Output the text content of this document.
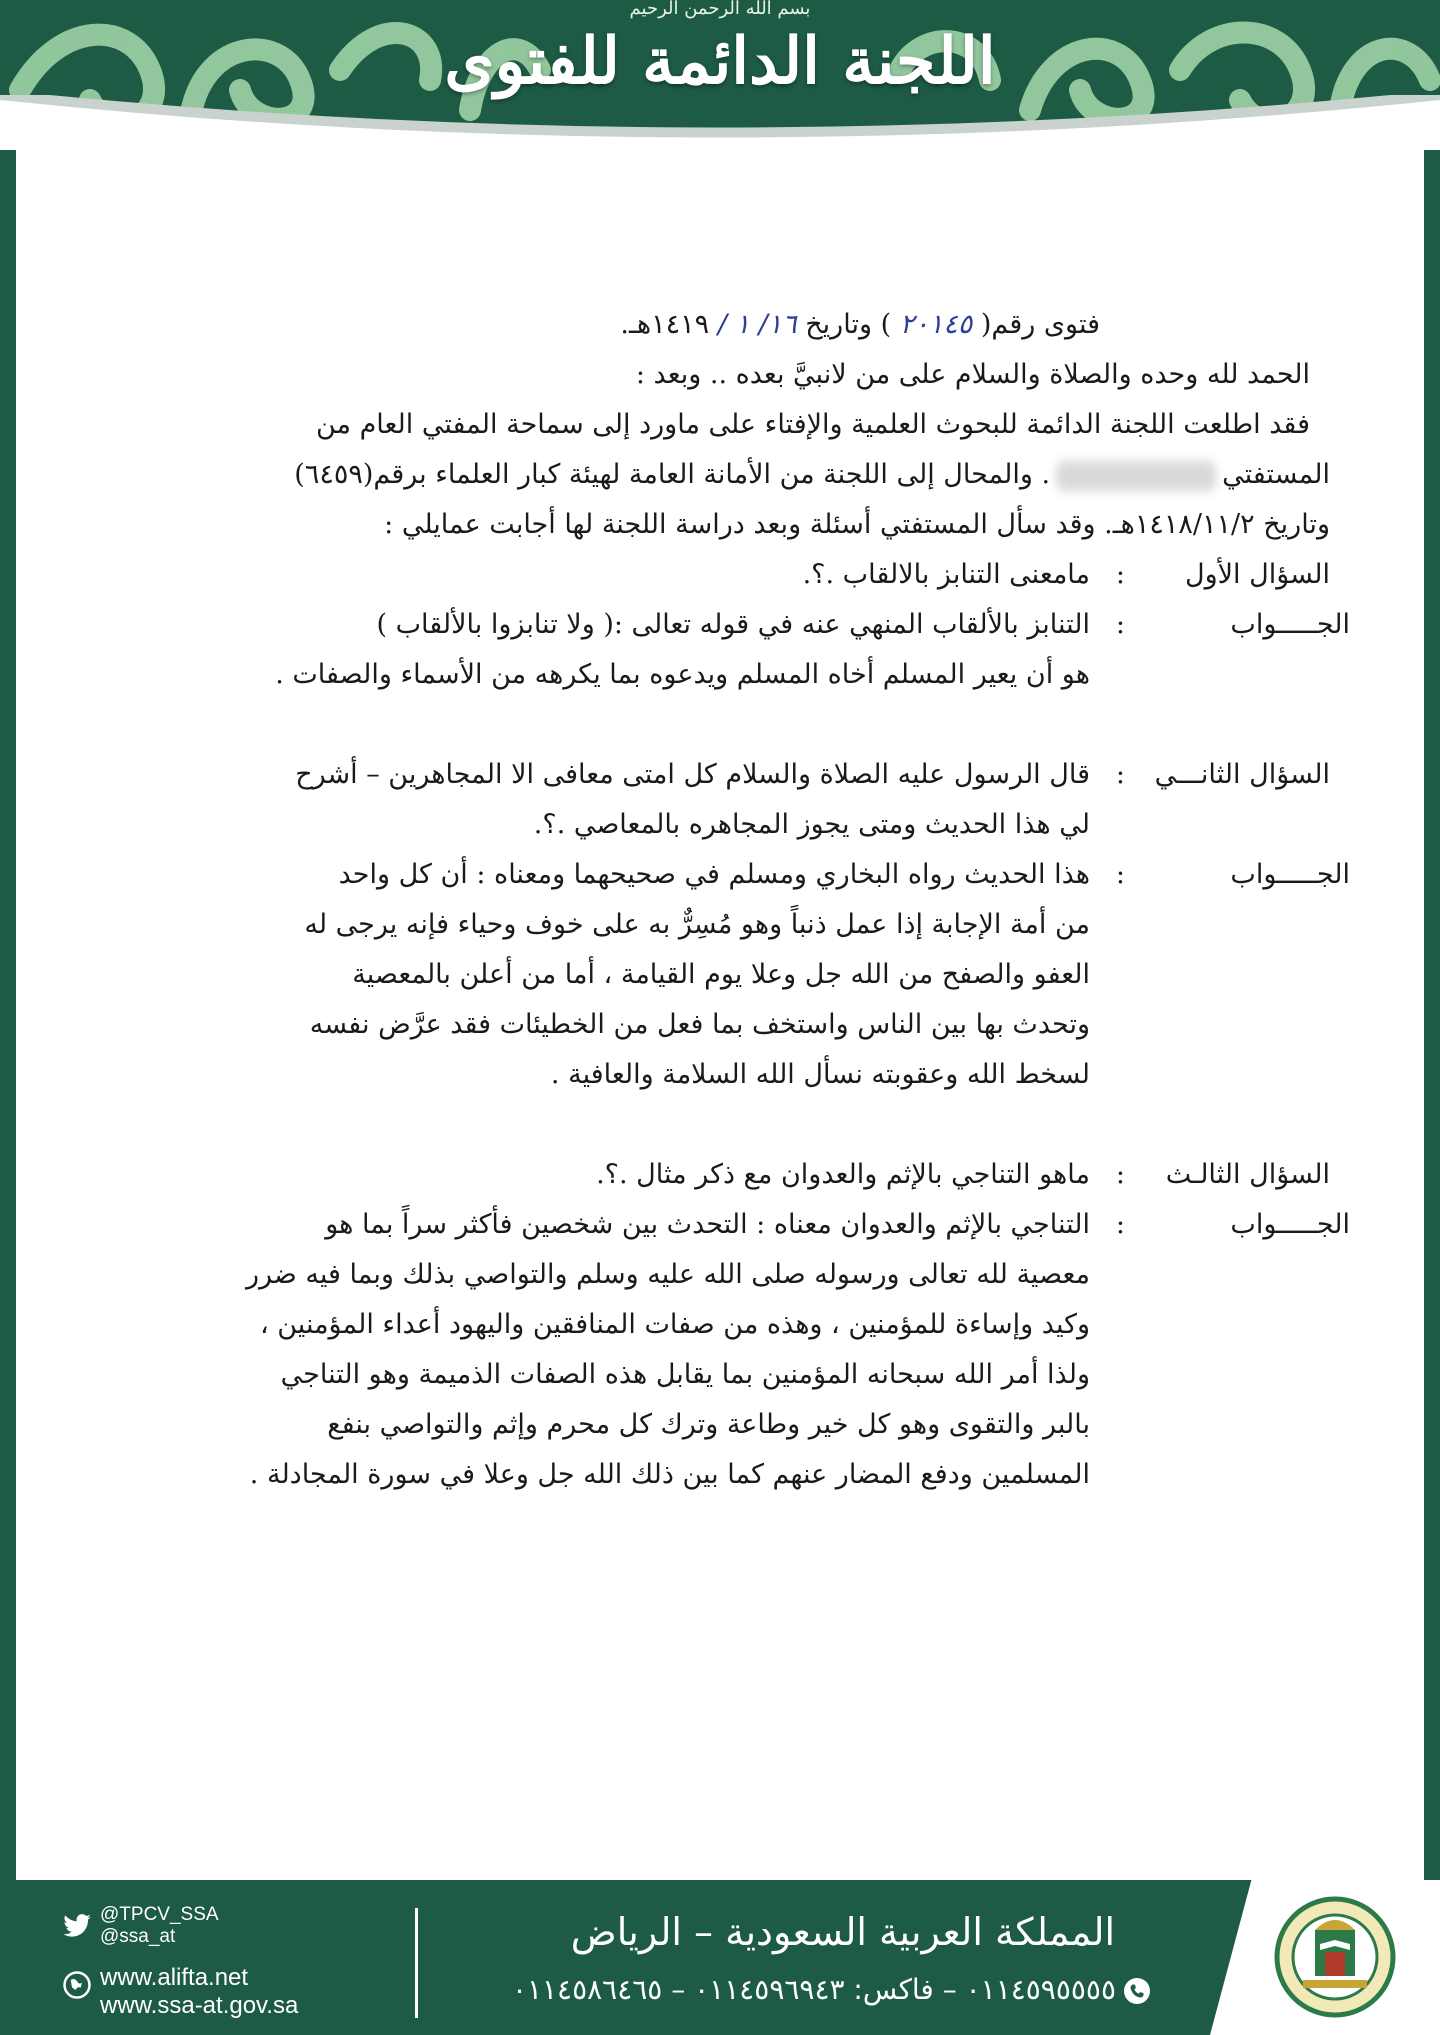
بسم الله الرحمن الرحيم
اللجنة الدائمة للفتوى
فتوى رقم( ٢٠١٤٥ ) وتاريخ ١٦/ ١ / ١٤١٩هـ.
الحمد لله وحده والصلاة والسلام على من لانبيَّ بعده .. وبعد :
فقد اطلعت اللجنة الدائمة للبحوث العلمية والإفتاء على ماورد إلى سماحة المفتي العام من
المستفتي. والمحال إلى اللجنة من الأمانة العامة لهيئة كبار العلماء برقم(٦٤٥٩)
وتاريخ ١٤١٨/١١/٢هـ. وقد سأل المستفتي أسئلة وبعد دراسة اللجنة لها أجابت عمايلي :
السؤال الأول
:
مامعنى التنابز بالالقاب .؟.
الجـــــواب
:
التنابز بالألقاب المنهي عنه في قوله تعالى :( ولا تنابزوا بالألقاب )
هو أن يعير المسلم أخاه المسلم ويدعوه بما يكرهه من الأسماء والصفات .
السؤال الثانـــي
:
قال الرسول عليه الصلاة والسلام كل امتى معافى الا المجاهرين – أشرح
لي هذا الحديث ومتى يجوز المجاهره بالمعاصي .؟.
الجـــــواب
:
هذا الحديث رواه البخاري ومسلم في صحيحهما ومعناه : أن كل واحد
من أمة الإجابة إذا عمل ذنباً وهو مُسِرٌّ به على خوف وحياء فإنه يرجى له
العفو والصفح من الله جل وعلا يوم القيامة ، أما من أعلن بالمعصية
وتحدث بها بين الناس واستخف بما فعل من الخطيئات فقد عرَّض نفسه
لسخط الله وعقوبته نسأل الله السلامة والعافية .
السؤال الثالـث
:
ماهو التناجي بالإثم والعدوان مع ذكر مثال .؟.
الجـــــواب
:
التناجي بالإثم والعدوان معناه : التحدث بين شخصين فأكثر سراً بما هو
معصية لله تعالى ورسوله صلى الله عليه وسلم والتواصي بذلك وبما فيه ضرر
وكيد وإساءة للمؤمنين ، وهذه من صفات المنافقين واليهود أعداء المؤمنين ،
ولذا أمر الله سبحانه المؤمنين بما يقابل هذه الصفات الذميمة وهو التناجي
بالبر والتقوى وهو كل خير وطاعة وترك كل محرم وإثم والتواصي بنفع
المسلمين ودفع المضار عنهم كما بين ذلك الله جل وعلا في سورة المجادلة .
@TPCV_SSA
@ssa_at
www.alifta.net
www.ssa-at.gov.sa
المملكة العربية السعودية – الرياض
٠١١٤٥٩٥٥٥٥ – فاكس: ٠١١٤٥٩٦٩٤٣ – ٠١١٤٥٨٦٤٦٥
